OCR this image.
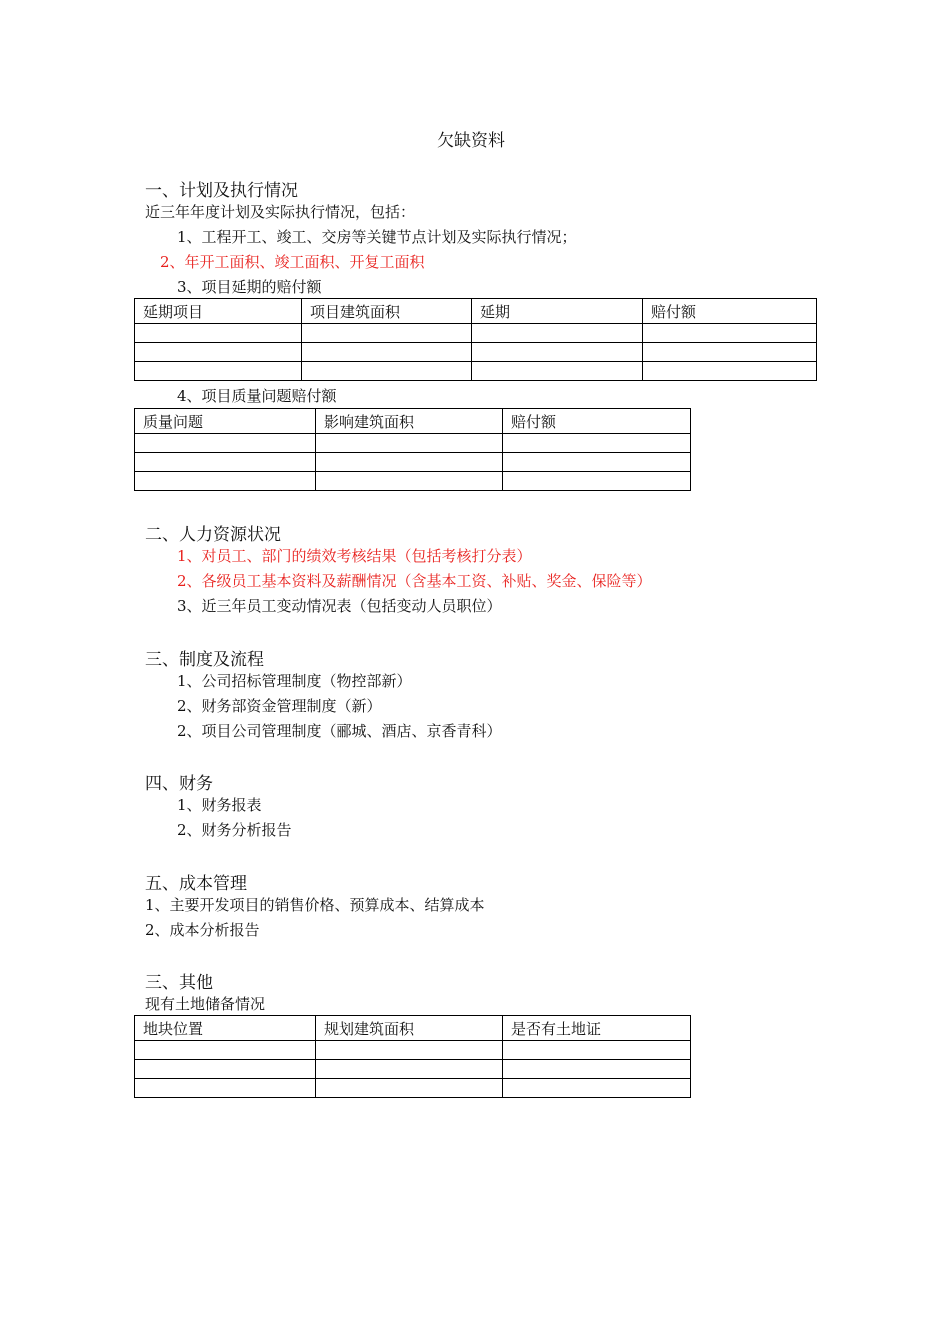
欠缺资料
一、计划及执行情况
近三年年度计划及实际执行情况，包括：
1、工程开工、竣工、交房等关键节点计划及实际执行情况；
2、年开工面积、竣工面积、开复工面积
3、项目延期的赔付额
延期项目	项目建筑面积	延期	赔付额

4、项目质量问题赔付额
质量问题	影响建筑面积	赔付额

二、人力资源状况
1、对员工、部门的绩效考核结果（包括考核打分表）
2、各级员工基本资料及薪酬情况（含基本工资、补贴、奖金、保险等）
3、近三年员工变动情况表（包括变动人员职位）
三、制度及流程
1、公司招标管理制度（物控部新）
2、财务部资金管理制度（新）
2、项目公司管理制度（郦城、酒店、京香青科）
四、财务
1、财务报表
2、财务分析报告
五、成本管理
1、主要开发项目的销售价格、预算成本、结算成本
2、成本分析报告
三、其他
现有土地储备情况
地块位置	规划建筑面积	是否有土地证
